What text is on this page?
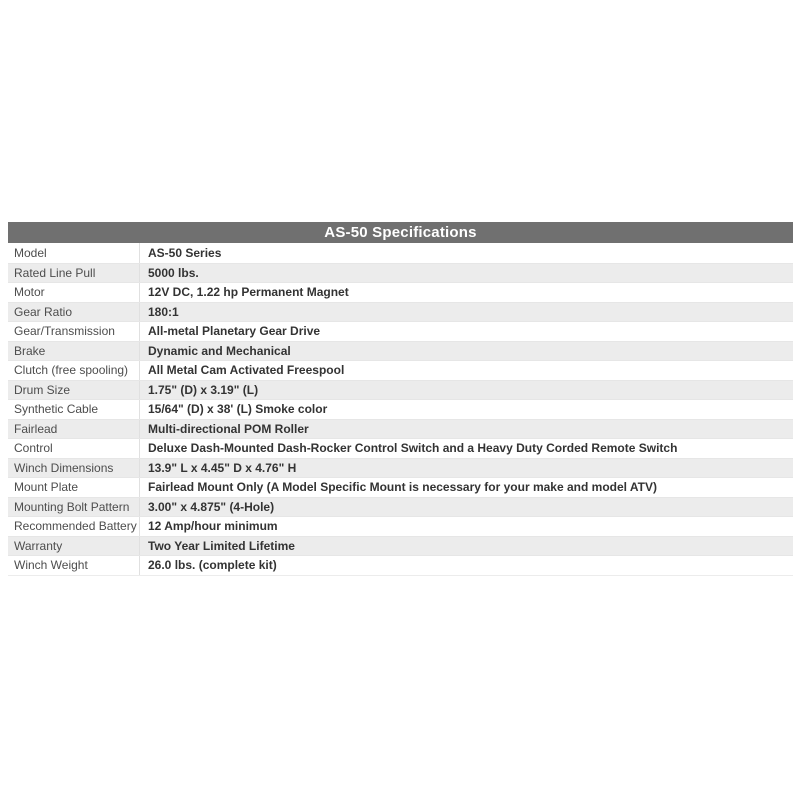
AS-50 Specifications
Model	AS-50 Series
Rated Line Pull	5000 lbs.
Motor	12V DC, 1.22 hp Permanent Magnet
Gear Ratio	180:1
Gear/Transmission	All-metal Planetary Gear Drive
Brake	Dynamic and Mechanical
Clutch (free spooling)	All Metal Cam Activated Freespool
Drum Size	1.75" (D) x 3.19" (L)
Synthetic Cable	15/64" (D) x 38' (L) Smoke color
Fairlead	Multi-directional POM Roller
Control	Deluxe Dash-Mounted Dash-Rocker Control Switch and a Heavy Duty Corded Remote Switch
Winch Dimensions	13.9" L x 4.45" D x 4.76" H
Mount Plate	Fairlead Mount Only (A Model Specific Mount is necessary for your make and model ATV)
Mounting Bolt Pattern	3.00" x 4.875" (4-Hole)
Recommended Battery 12 Amp/hour minimum
Warranty	Two Year Limited Lifetime
Winch Weight	26.0 lbs. (complete kit)
